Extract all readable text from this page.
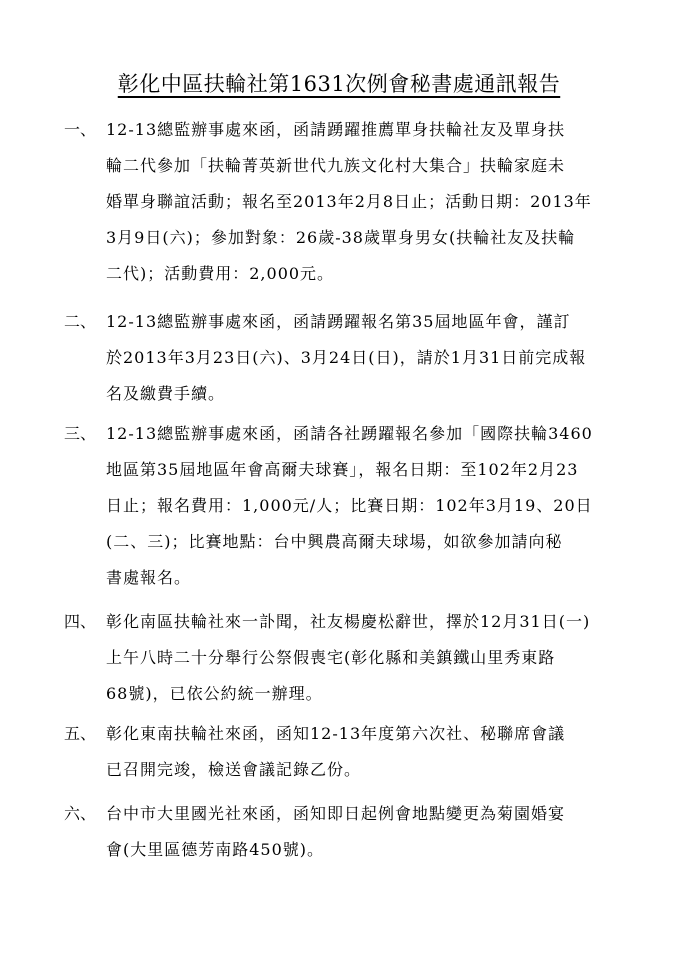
彰化中區扶輪社第1631次例會秘書處通訊報告
一、 12-13總監辦事處來函，函請踴躍推薦單身扶輪社友及單身扶
輪二代參加「扶輪菁英新世代九族文化村大集合」扶輪家庭未
婚單身聯誼活動；報名至2013年2月8日止；活動日期：2013年
3月9日(六)；參加對象：26歲-38歲單身男女(扶輪社友及扶輪
二代)；活動費用：2,000元。
二、 12-13總監辦事處來函，函請踴躍報名第35屆地區年會，謹訂
於2013年3月23日(六)、3月24日(日)，請於1月31日前完成報
名及繳費手續。
三、 12-13總監辦事處來函，函請各社踴躍報名參加「國際扶輪3460
地區第35屆地區年會高爾夫球賽」，報名日期：至102年2月23
日止；報名費用：1,000元/人；比賽日期：102年3月19、20日
(二、三)；比賽地點：台中興農高爾夫球場，如欲參加請向秘
書處報名。
四、 彰化南區扶輪社來一訃聞，社友楊慶松辭世，擇於12月31日(一)
上午八時二十分舉行公祭假喪宅(彰化縣和美鎮鐵山里秀東路
68號)，已依公約統一辦理。
五、 彰化東南扶輪社來函，函知12-13年度第六次社、秘聯席會議
已召開完竣，檢送會議記錄乙份。
六、 台中市大里國光社來函，函知即日起例會地點變更為菊園婚宴
會(大里區德芳南路450號)。
